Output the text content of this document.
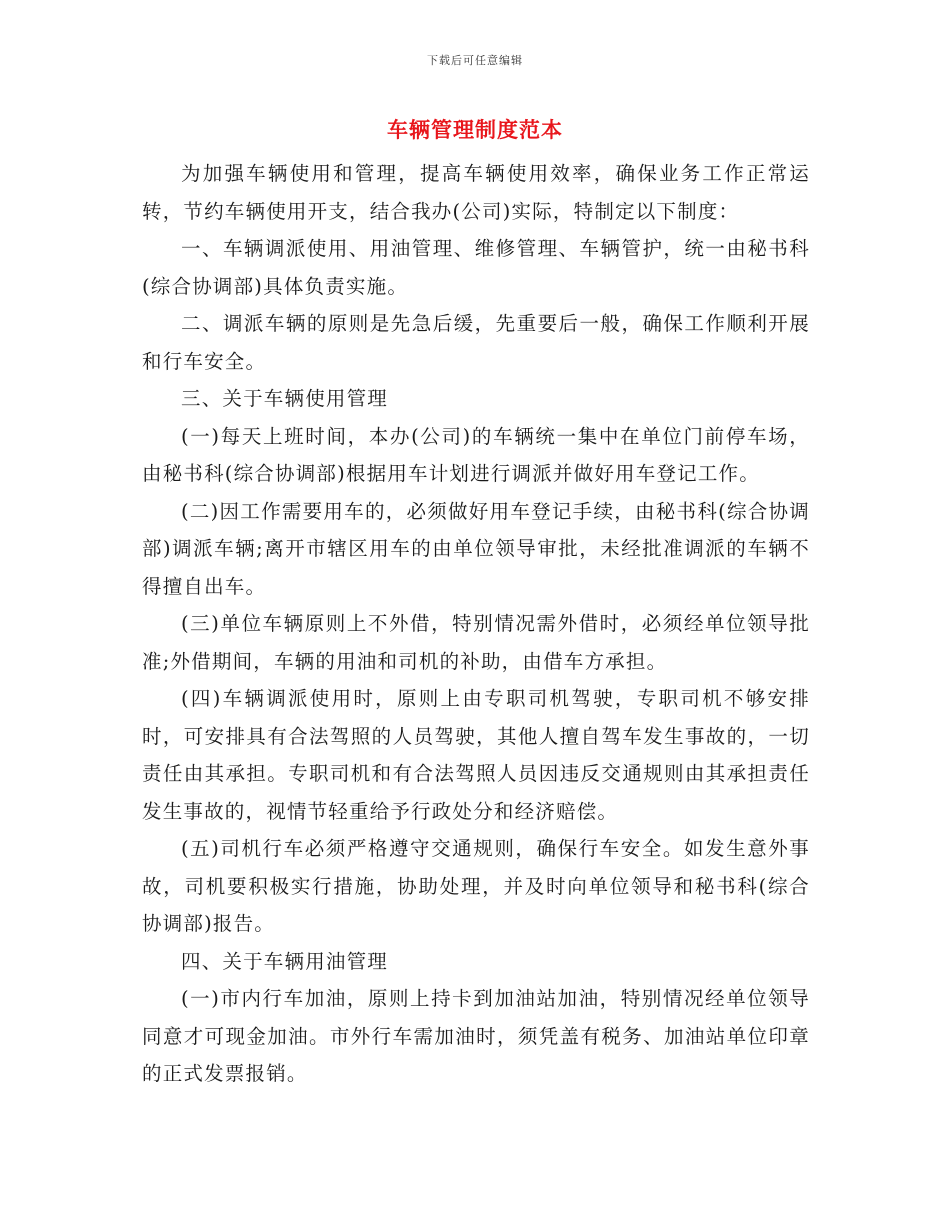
下载后可任意编辑
车辆管理制度范本

为加强车辆使用和管理，提高车辆使用效率，确保业务工作正常运转，节约车辆使用开支，结合我办(公司)实际，特制定以下制度：

一、车辆调派使用、用油管理、维修管理、车辆管护，统一由秘书科(综合协调部)具体负责实施。

二、调派车辆的原则是先急后缓，先重要后一般，确保工作顺利开展和行车安全。

三、关于车辆使用管理

(一)每天上班时间，本办(公司)的车辆统一集中在单位门前停车场，由秘书科(综合协调部)根据用车计划进行调派并做好用车登记工作。

(二)因工作需要用车的，必须做好用车登记手续，由秘书科(综合协调部)调派车辆;离开市辖区用车的由单位领导审批，未经批准调派的车辆不得擅自出车。

(三)单位车辆原则上不外借，特别情况需外借时，必须经单位领导批准;外借期间，车辆的用油和司机的补助，由借车方承担。

(四)车辆调派使用时，原则上由专职司机驾驶，专职司机不够安排时，可安排具有合法驾照的人员驾驶，其他人擅自驾车发生事故的，一切责任由其承担。专职司机和有合法驾照人员因违反交通规则由其承担责任发生事故的，视情节轻重给予行政处分和经济赔偿。

(五)司机行车必须严格遵守交通规则，确保行车安全。如发生意外事故，司机要积极实行措施，协助处理，并及时向单位领导和秘书科(综合协调部)报告。

四、关于车辆用油管理

(一)市内行车加油，原则上持卡到加油站加油，特别情况经单位领导同意才可现金加油。市外行车需加油时，须凭盖有税务、加油站单位印章的正式发票报销。
